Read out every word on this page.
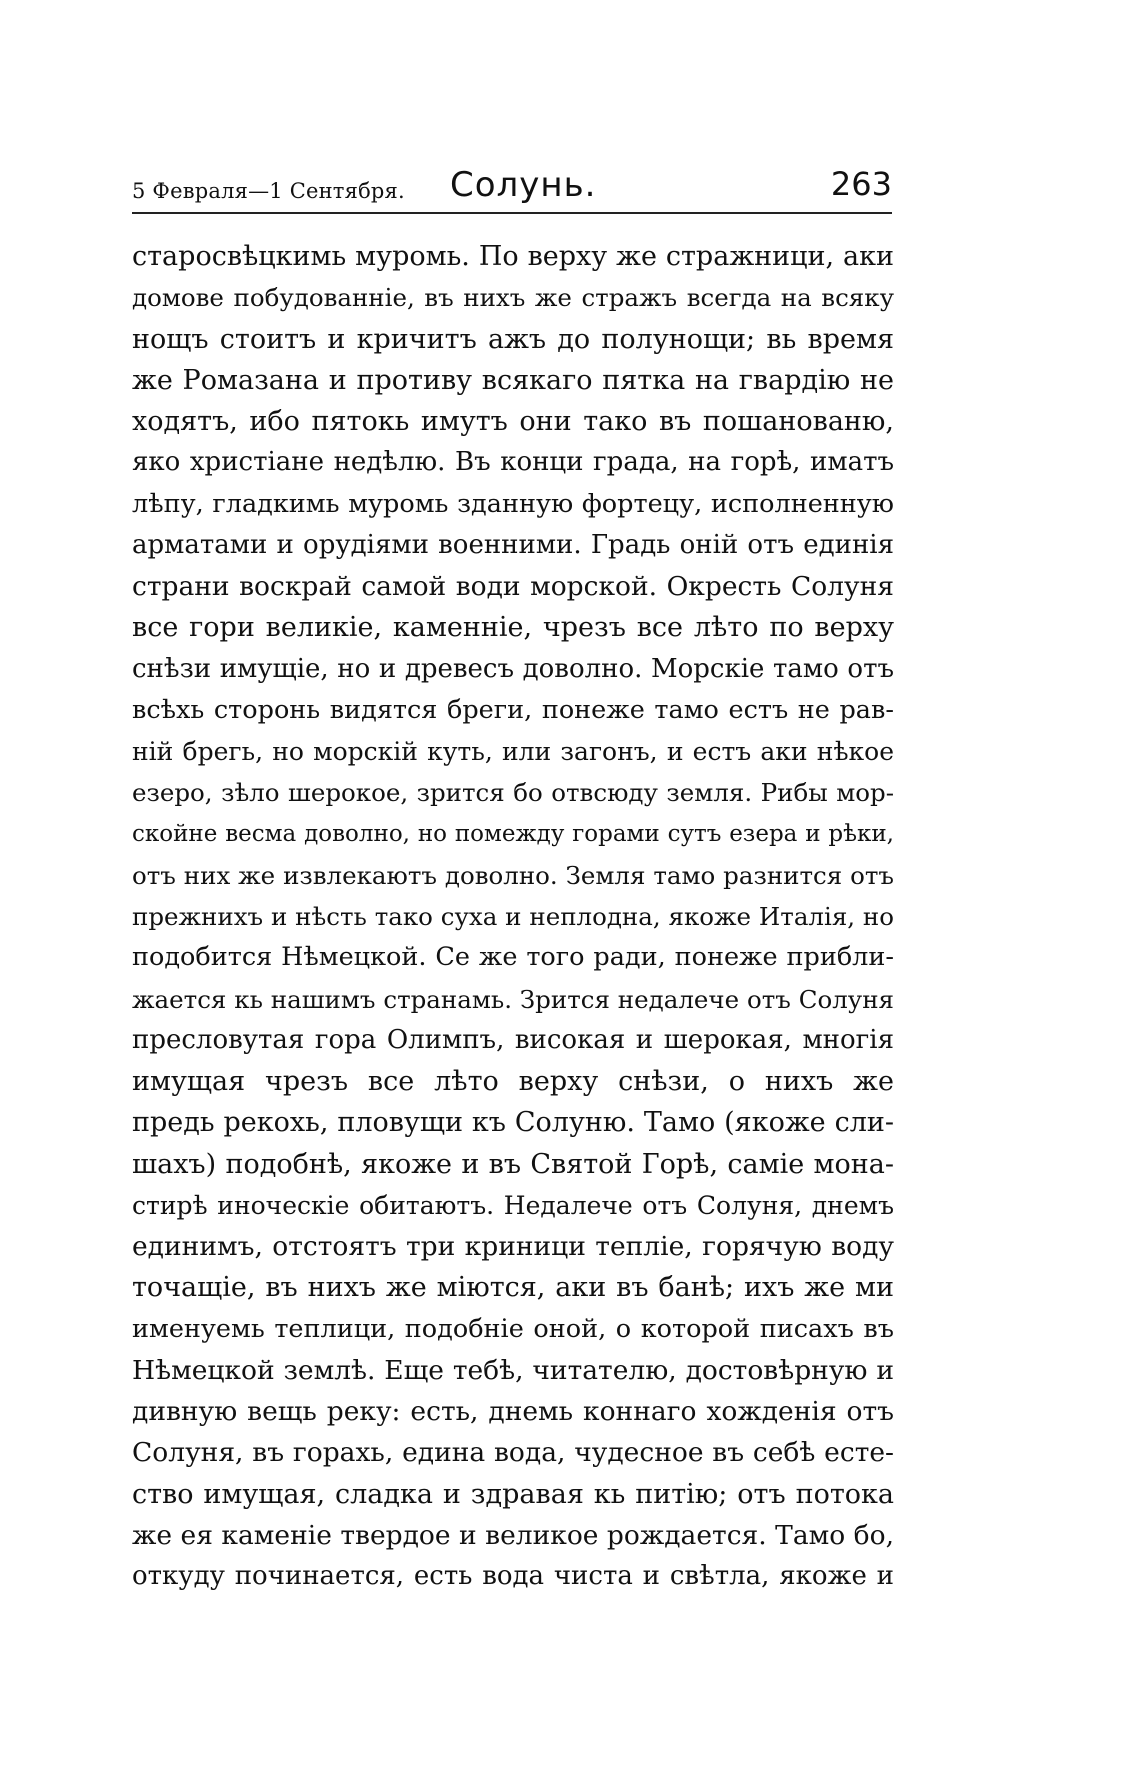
5 Февраля—1 Сентября. Солунь.	263
старосвѣцкимь муромь. По верху же стражници, аки
домове побудованніе, въ нихъ же стражъ всегда на всяку
нощъ стоитъ и кричитъ ажъ до полунощи; вь время
же Ромазана и противу всякаго пятка на гвардію не
ходятъ, ибо пятокь имутъ они тако въ пошанованю,
яко христіане недѣлю. Въ конци града, на горѣ, иматъ
лѣпу, гладкимь муромь зданную фортецу, исполненную
арматами и орудіями военними. Градь оній отъ единія
страни воскрай самой води морской. Окресть Солуня
все гори великіе, каменніе, чрезъ все лѣто по верху
снѣзи имущіе, но и древесъ доволно. Морскіе тамо отъ
всѣхь сторонь видятся бреги, понеже тамо естъ не рав-
ній брегь, но морскій куть, или загонъ, и естъ аки нѣкое
езеро, зѣло шерокое, зрится бо отвсюду земля. Рибы мор-
скойне весма доволно, но помежду горами сутъ езера и рѣки,
отъ них же извлекаютъ доволно. Земля тамо разнится отъ
прежнихъ и нѣсть тако суха и неплодна, якоже Италія, но
подобится Нѣмецкой. Се же того ради, понеже прибли-
жается кь нашимъ странамь. Зрится недалече отъ Солуня
пресловутая гора Олимпъ, високая и шерокая, многія
имущая чрезъ все лѣто верху снѣзи, о нихъ же
предь рекохь, пловущи къ Солуню. Тамо (якоже сли-
шахъ) подобнѣ, якоже и въ Святой Горѣ, саміе мона-
стирѣ иноческіе обитаютъ. Недалече отъ Солуня, днемъ
единимъ, отстоятъ три криници теплie, горячую воду
точащіе, въ нихъ же міются, аки въ банѣ; ихъ же ми
именуемь теплици, подобніе оной, о которой писахъ въ
Нѣмецкой землѣ. Еще тебѣ, читателю, достовѣрную и
дивную вещь реку: есть, днемь коннаго хожденія отъ
Солуня, въ горахь, едина вода, чудесное въ себѣ есте-
ство имущая, сладка и здравая кь питію; отъ потока
же ея каменіе твердое и великое рождается. Тамо бо,
откуду починается, есть вода чиста и свѣтла, якоже и
